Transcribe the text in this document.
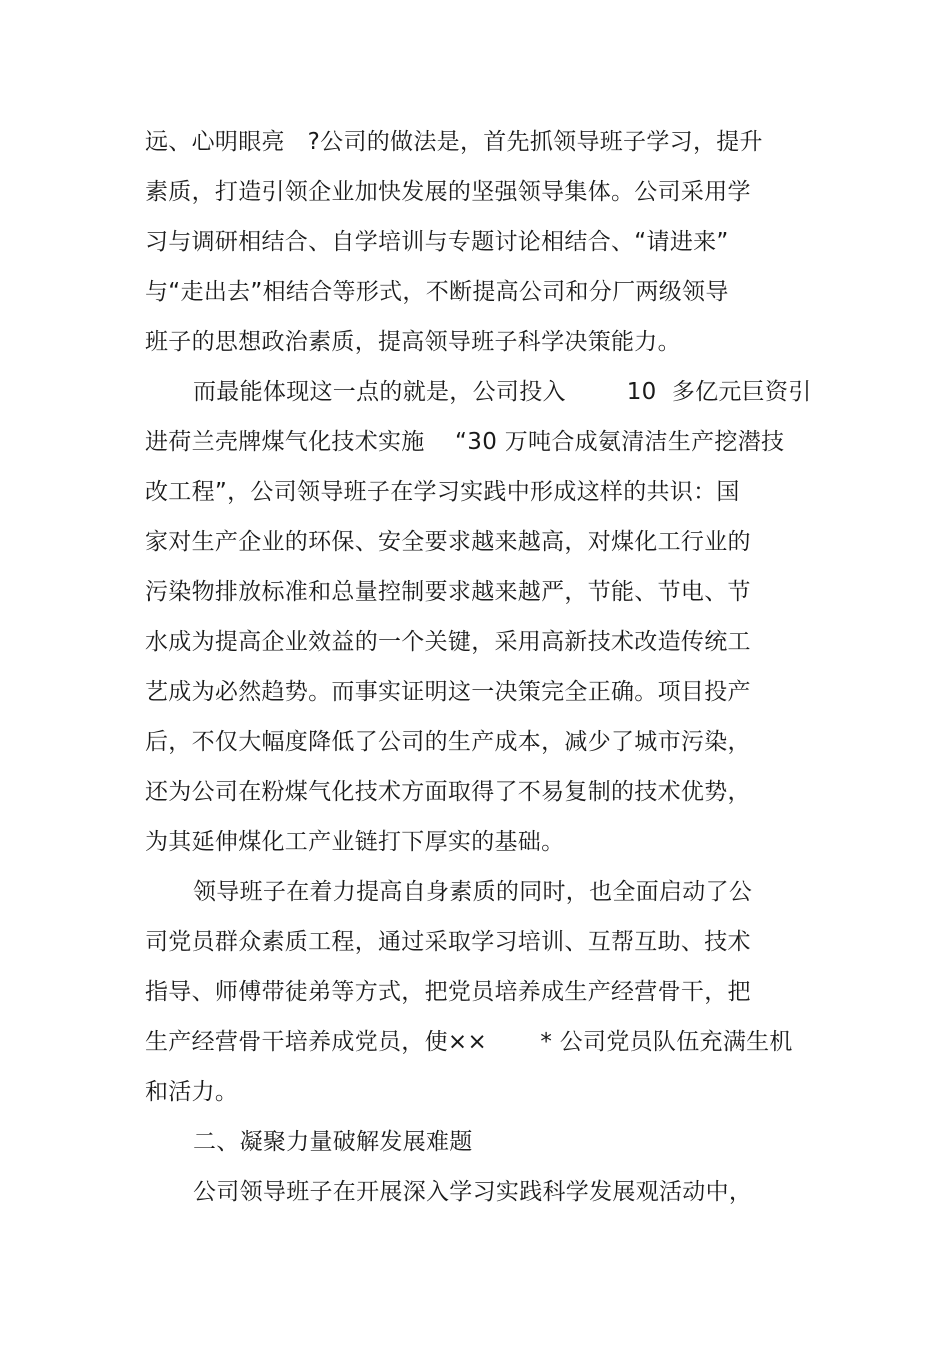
远、心明眼亮   ?公司的做法是，首先抓领导班子学习，提升
素质，打造引领企业加快发展的坚强领导集体。公司采用学
习与调研相结合、自学培训与专题讨论相结合、“请进来”
与“走出去”相结合等形式，不断提高公司和分厂两级领导
班子的思想政治素质，提高领导班子科学决策能力。
而最能体现这一点的就是，公司投入        10  多亿元巨资引
进荷兰壳牌煤气化技术实施    “30 万吨合成氨清洁生产挖潜技
改工程”，公司领导班子在学习实践中形成这样的共识：国
家对生产企业的环保、安全要求越来越高，对煤化工行业的
污染物排放标准和总量控制要求越来越严，节能、节电、节
水成为提高企业效益的一个关键，采用高新技术改造传统工
艺成为必然趋势。而事实证明这一决策完全正确。项目投产
后，不仅大幅度降低了公司的生产成本，减少了城市污染，
还为公司在粉煤气化技术方面取得了不易复制的技术优势，
为其延伸煤化工产业链打下厚实的基础。
领导班子在着力提高自身素质的同时，也全面启动了公
司党员群众素质工程，通过采取学习培训、互帮互助、技术
指导、师傅带徒弟等方式，把党员培养成生产经营骨干，把
生产经营骨干培养成党员，使××       * 公司党员队伍充满生机
和活力。
二、凝聚力量破解发展难题
公司领导班子在开展深入学习实践科学发展观活动中，
